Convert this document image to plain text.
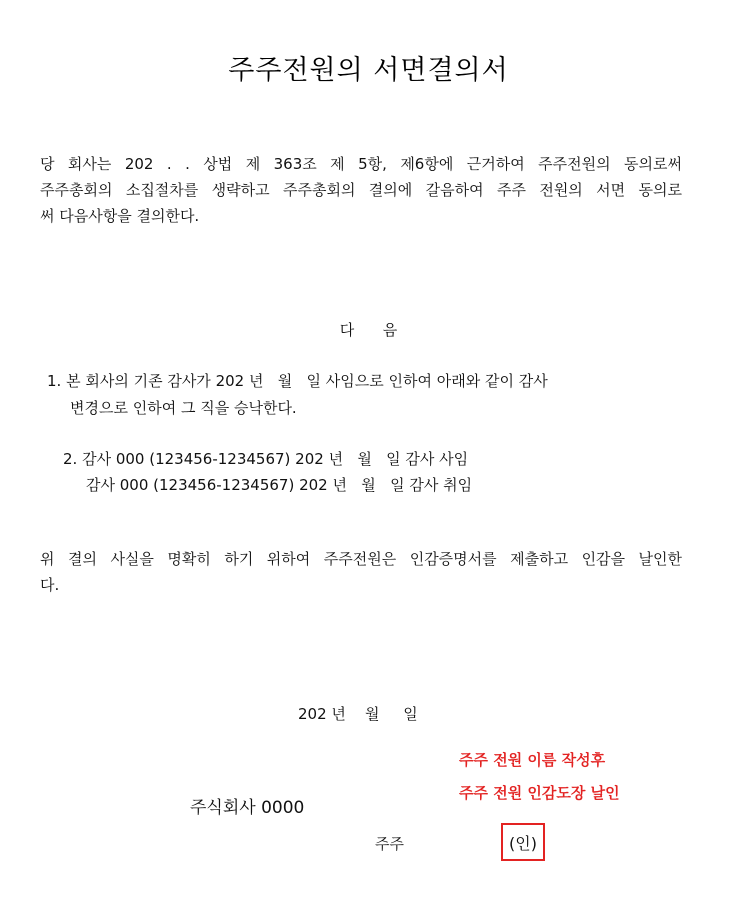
주주전원의 서면결의서
당 회사는 202 . . 상법 제 363조 제 5항, 제6항에 근거하여 주주전원의 동의로써
주주총회의 소집절차를 생략하고 주주총회의 결의에 갈음하여 주주 전원의 서면 동의로
써 다음사항을 결의한다.
다      음
1. 본 회사의 기존 감사가 202 년   월   일 사임으로 인하여 아래와 같이 감사
변경으로 인하여 그 직을 승낙한다.
2. 감사 000 (123456-1234567) 202 년   월   일 감사 사임
감사 000 (123456-1234567) 202 년   월   일 감사 취임
위 결의 사실을 명확히 하기 위하여 주주전원은 인감증명서를 제출하고 인감을 날인한
다.
202 년    월     일
주주 전원 이름 작성후
주주 전원 인감도장 날인
주식회사 0000
주주	(인)
